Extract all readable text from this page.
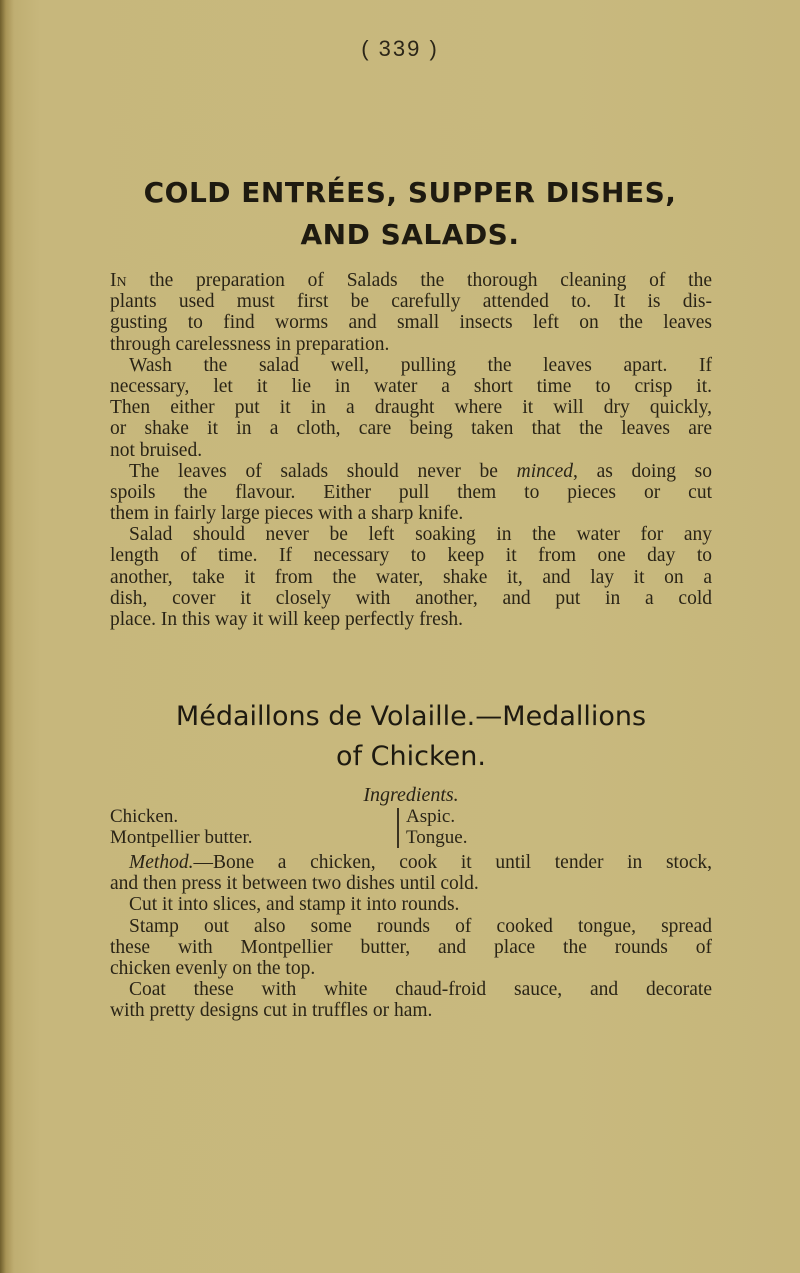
( 339 )
COLD ENTRÉES, SUPPER DISHES,
AND SALADS.
In the preparation of Salads the thorough cleaning of the
plants used must first be carefully attended to. It is dis-
gusting to find worms and small insects left on the leaves
through carelessness in preparation.
Wash the salad well, pulling the leaves apart. If
necessary, let it lie in water a short time to crisp it.
Then either put it in a draught where it will dry quickly,
or shake it in a cloth, care being taken that the leaves are
not bruised.
The leaves of salads should never be minced, as doing so
spoils the flavour. Either pull them to pieces or cut
them in fairly large pieces with a sharp knife.
Salad should never be left soaking in the water for any
length of time. If necessary to keep it from one day to
another, take it from the water, shake it, and lay it on a
dish, cover it closely with another, and put in a cold
place. In this way it will keep perfectly fresh.
Médaillons de Volaille.—Medallions
of Chicken.
Ingredients.
Chicken.
Montpellier butter.
Aspic.
Tongue.
Method.—Bone a chicken, cook it until tender in stock,
and then press it between two dishes until cold.
Cut it into slices, and stamp it into rounds.
Stamp out also some rounds of cooked tongue, spread
these with Montpellier butter, and place the rounds of
chicken evenly on the top.
Coat these with white chaud-froid sauce, and decorate
with pretty designs cut in truffles or ham.
